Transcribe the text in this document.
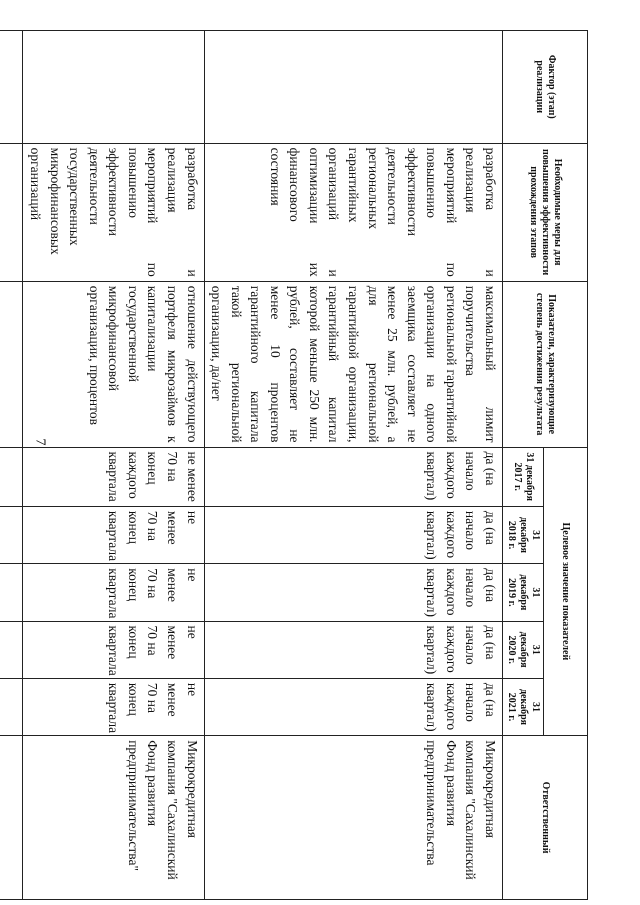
7
Фактор (этап) реализации	Необходимые меры для повышения эффективности прохождения этапов	Показатели, характеризующие степень достижения результата	Целевое значение показателей					Ответственный
			31 декабря 2017 г.	31 декабря 2018 г.	31 декабря 2019 г.	31 декабря 2020 г.	31 декабря 2021 г.	
	разработка и реализация мероприятий по повышению эффективности деятельности региональных гарантийных организаций и оптимизации их финансового состояния	максимальный лимит поручительства региональной гарантийной организации на одного заемщика составляет не менее 25 млн. рублей, а для региональной гарантийной организации, гарантийный капитал которой меньше 250 млн. рублей, составляет не менее 10 процентов гарантийного капитала такой региональной организации, да/нет	да (на начало каждого квартал)	да (на начало каждого квартал)	да (на начало каждого квартал)	да (на начало каждого квартал)	да (на начало каждого квартал)	Микрокредитная компания "Сахалинский Фонд развития предпринимательства
	разработка и реализация мероприятий по повышению эффективности деятельности государственных микрофинансовых организаций	отношение действующего портфеля микрозаймов к капитализации государственной микрофинансовой организации, процентов	не менее 70 на конец каждого квартала	не менее 70 на конец квартала	не менее 70 на конец квартала	не менее 70 на конец квартала	не менее 70 на конец квартала	Микрокредитная компания "Сахалинский Фонд развития предпринимательства"
